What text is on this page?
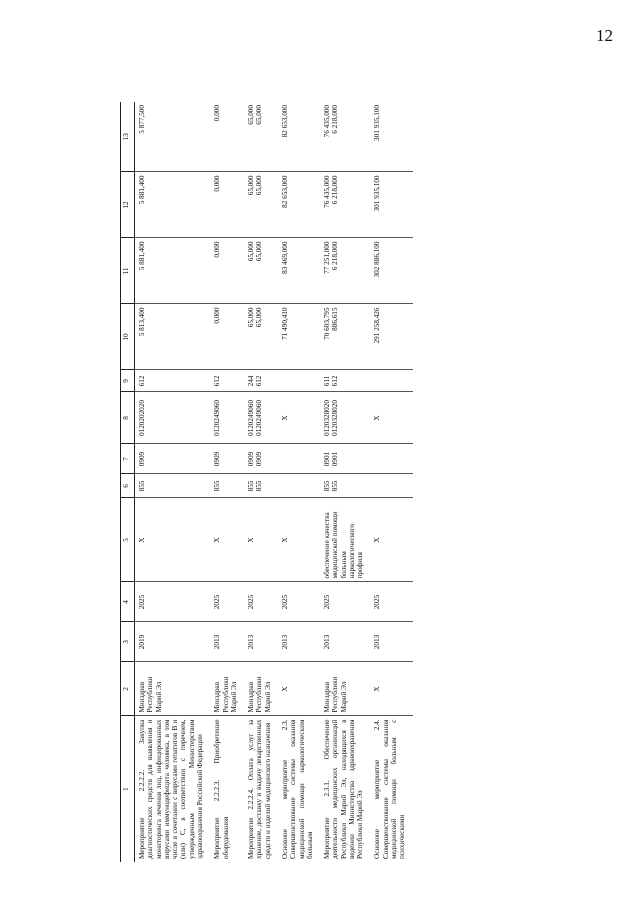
12
1	2	3	4	5	6	7	8	9	10	11	12	13
Мероприятие 2.2.2.2. Закупка диагностических средств для выявления и мониторинга лечения лиц, инфицированных вирусами иммунодефицита человека, в том числе в сочетании с вирусами гепатитов B и (или) C, в соответствии с перечнем, утвержденным Министерством здравоохранения Российской Федерации	Минздрав Республики Марий Эл	2019	2025	X	855	0909	0120202020	612	5 813,400	5 881,400	5 881,400	5 877,500

Мероприятие 2.2.2.3. Приобретение оборудования	Минздрав Республики Марий Эл	2013	2025	X	855	0909	0120249060	612	0,000	0,000	0,000	0,000

Мероприятие 2.2.2.4. Оплата услуг за хранение, доставку и выдачу лекарственных средств и изделий медицинского назначения	Минздрав Республики Марий Эл	2013	2025	X	855 855	0909 0909	0120249060 0120249060	244 612	65,000 65,000	65,000 65,000	65,000 65,000	65,000 65,000

Основное мероприятие 2.3. Совершенствование системы оказания медицинской помощи наркологическим больным	X	2013	2025	X			X		71 490,410	83 469,000	82 653,000	82 653,000

Мероприятие 2.3.1. Обеспечение деятельности медицинских организаций Республики Марий Эл, находящихся в ведении Министерства здравоохранения Республики Марий Эл	Минздрав Республики Марий Эл	2013	2025	обеспечение качества медицинской помощи больным наркологического профиля	855 855	0901 0901	0120328020 0120328020	611 612	70 603,795 886,615	77 251,000 6 218,000	76 435,000 6 218,000	76 435,000 6 218,000

Основное мероприятие 2.4. Совершенствование системы оказания медицинской помощи больным с психическими	X	2013	2025	X			X		291 258,426	302 886,100	301 935,100	301 935,100
